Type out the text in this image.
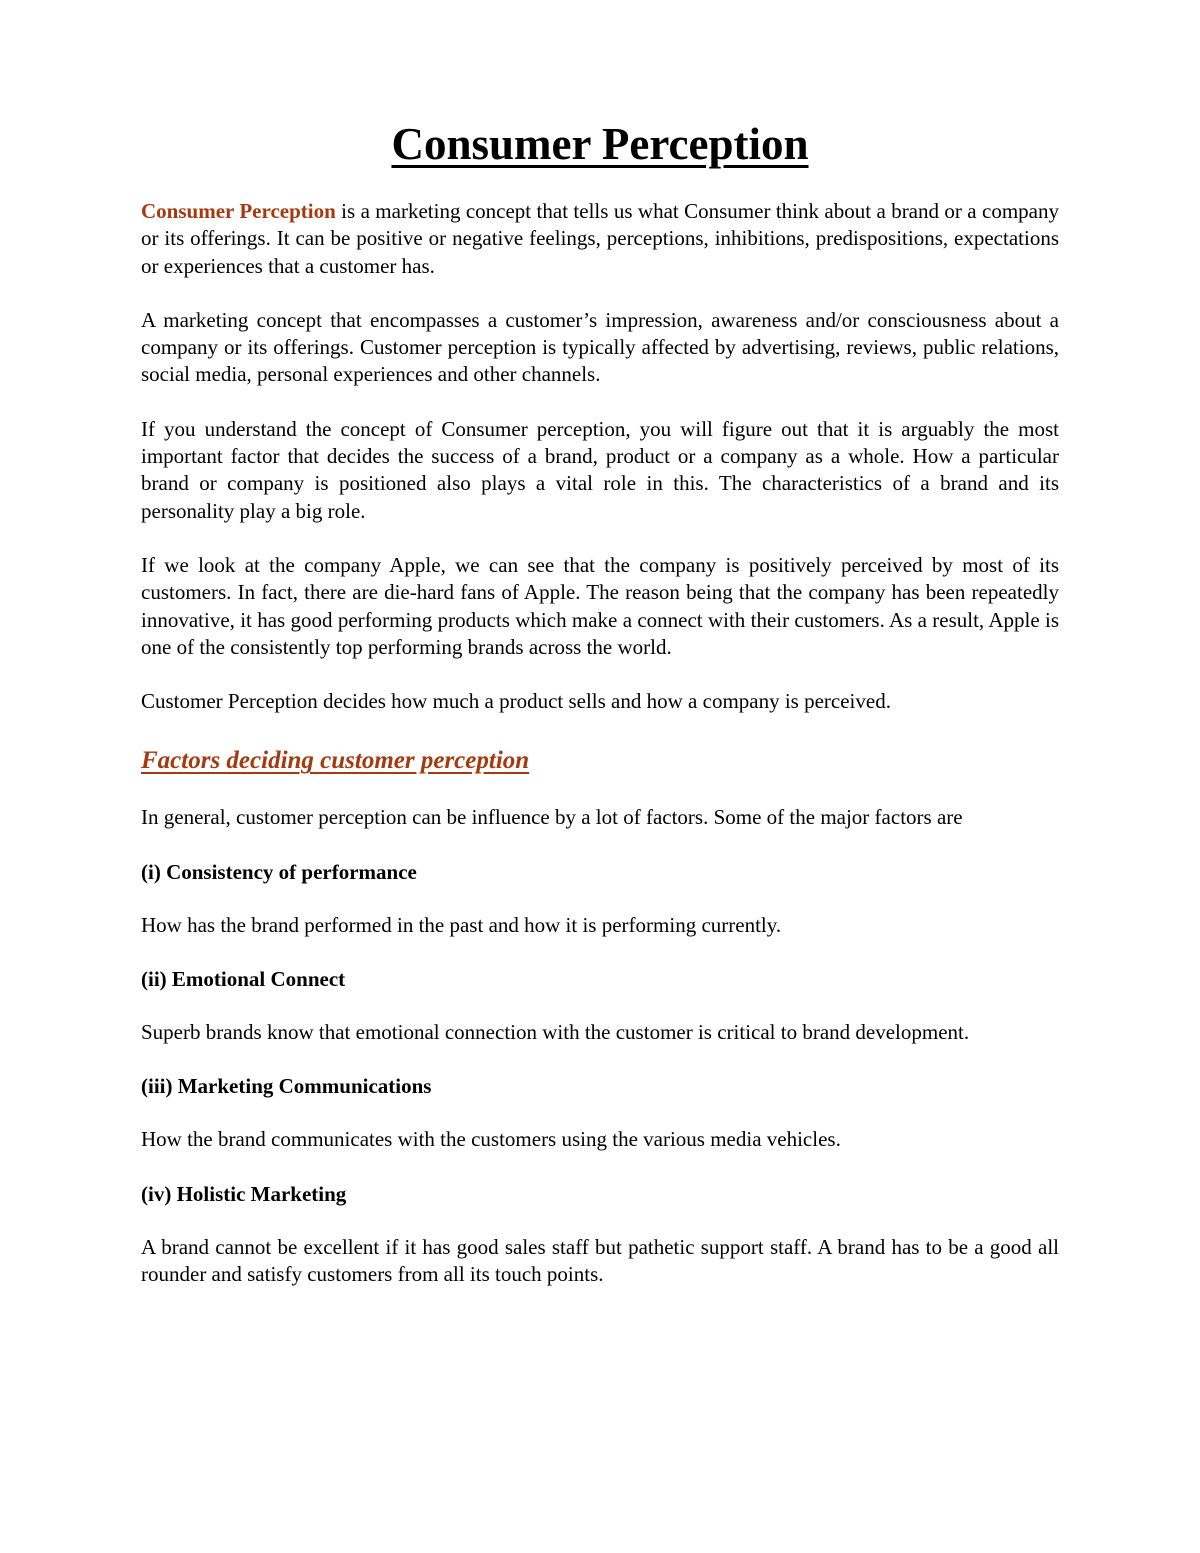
Consumer Perception

Consumer Perception is a marketing concept that tells us what Consumer think about a brand or a company or its offerings. It can be positive or negative feelings, perceptions, inhibitions, predispositions, expectations or experiences that a customer has.

A marketing concept that encompasses a customer’s impression, awareness and/or consciousness about a company or its offerings. Customer perception is typically affected by advertising, reviews, public relations, social media, personal experiences and other channels.

If you understand the concept of Consumer perception, you will figure out that it is arguably the most important factor that decides the success of a brand, product or a company as a whole. How a particular brand or company is positioned also plays a vital role in this. The characteristics of a brand and its personality play a big role.

If we look at the company Apple, we can see that the company is positively perceived by most of its customers. In fact, there are die-hard fans of Apple. The reason being that the company has been repeatedly innovative, it has good performing products which make a connect with their customers. As a result, Apple is one of the consistently top performing brands across the world.

Customer Perception decides how much a product sells and how a company is perceived.

Factors deciding customer perception

In general, customer perception can be influence by a lot of factors. Some of the major factors are

(i) Consistency of performance

How has the brand performed in the past and how it is performing currently.

(ii) Emotional Connect

Superb brands know that emotional connection with the customer is critical to brand development.

(iii) Marketing Communications

How the brand communicates with the customers using the various media vehicles.

(iv) Holistic Marketing

A brand cannot be excellent if it has good sales staff but pathetic support staff. A brand has to be a good all rounder and satisfy customers from all its touch points.
